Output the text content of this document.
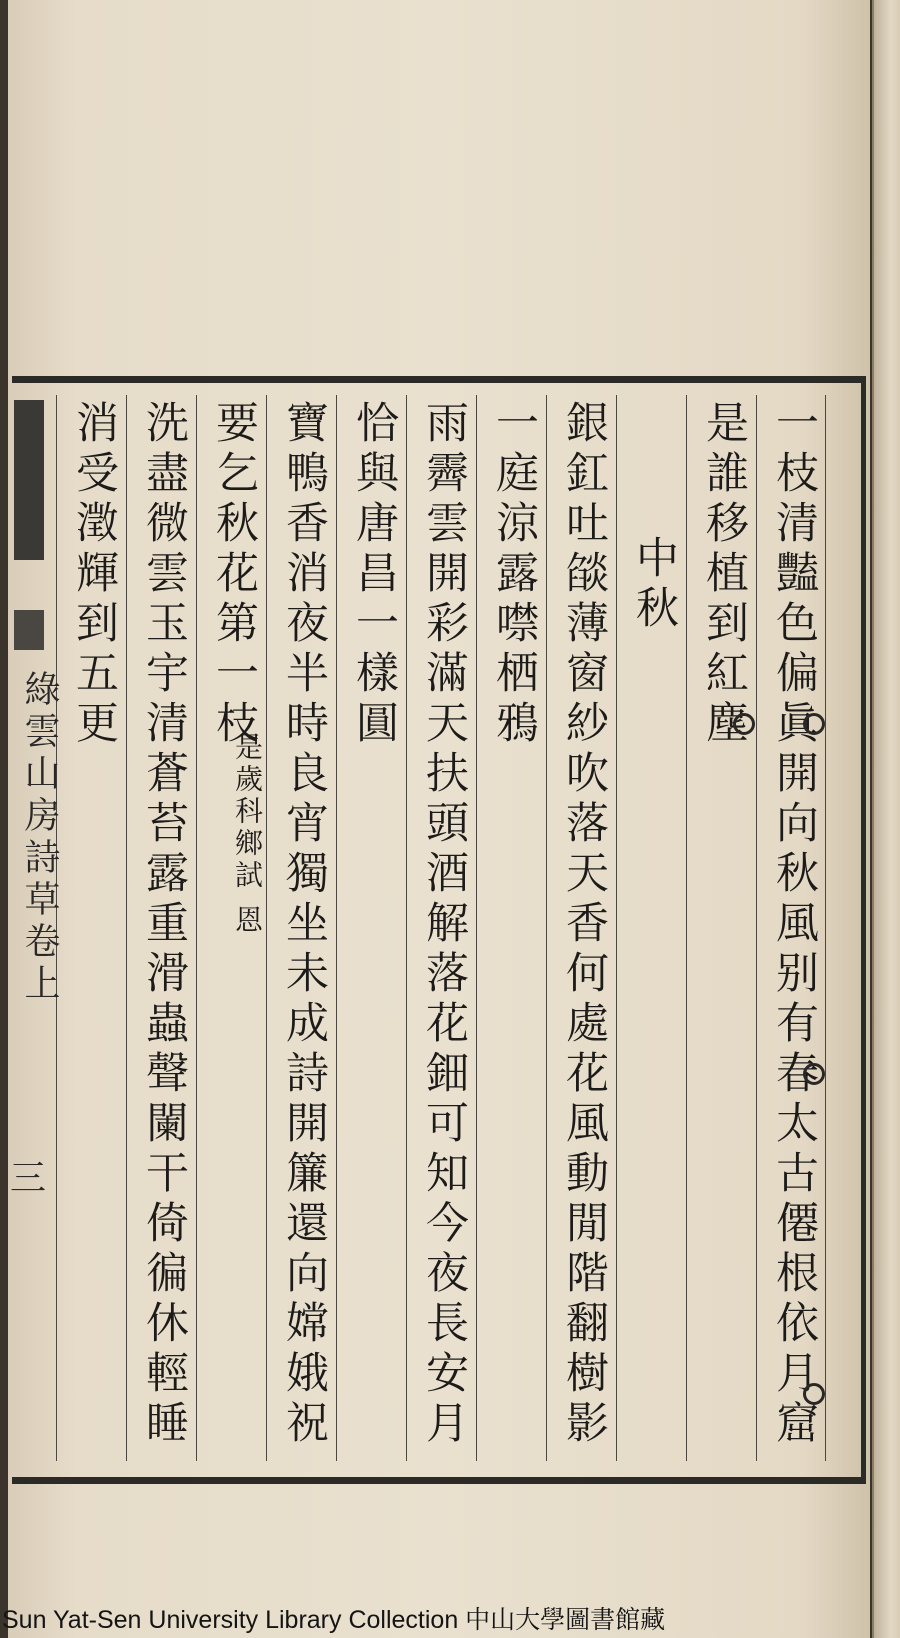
一枝清豔色偏眞開向秋風别有春太古僊根依月窟
是誰移植到紅塵
中秋
銀釭吐燄薄窗紗吹落天香何處花風動閒階翻樹影
一庭涼露噤栖鴉
雨霽雲開彩滿天扶頭酒解落花鈿可知今夜長安月
恰與唐昌一樣圓
寶鴨香消夜半時良宵獨坐未成詩開簾還向嫦娥祝
要乞秋花第一枝
是歲科鄉試
恩
洗盡微雲玉宇清蒼苔露重滑蟲聲闌干倚徧休輕睡
消受澂輝到五更
綠雲山房詩草卷上
三
Sun Yat-Sen University Library Collection 中山大學圖書館藏
